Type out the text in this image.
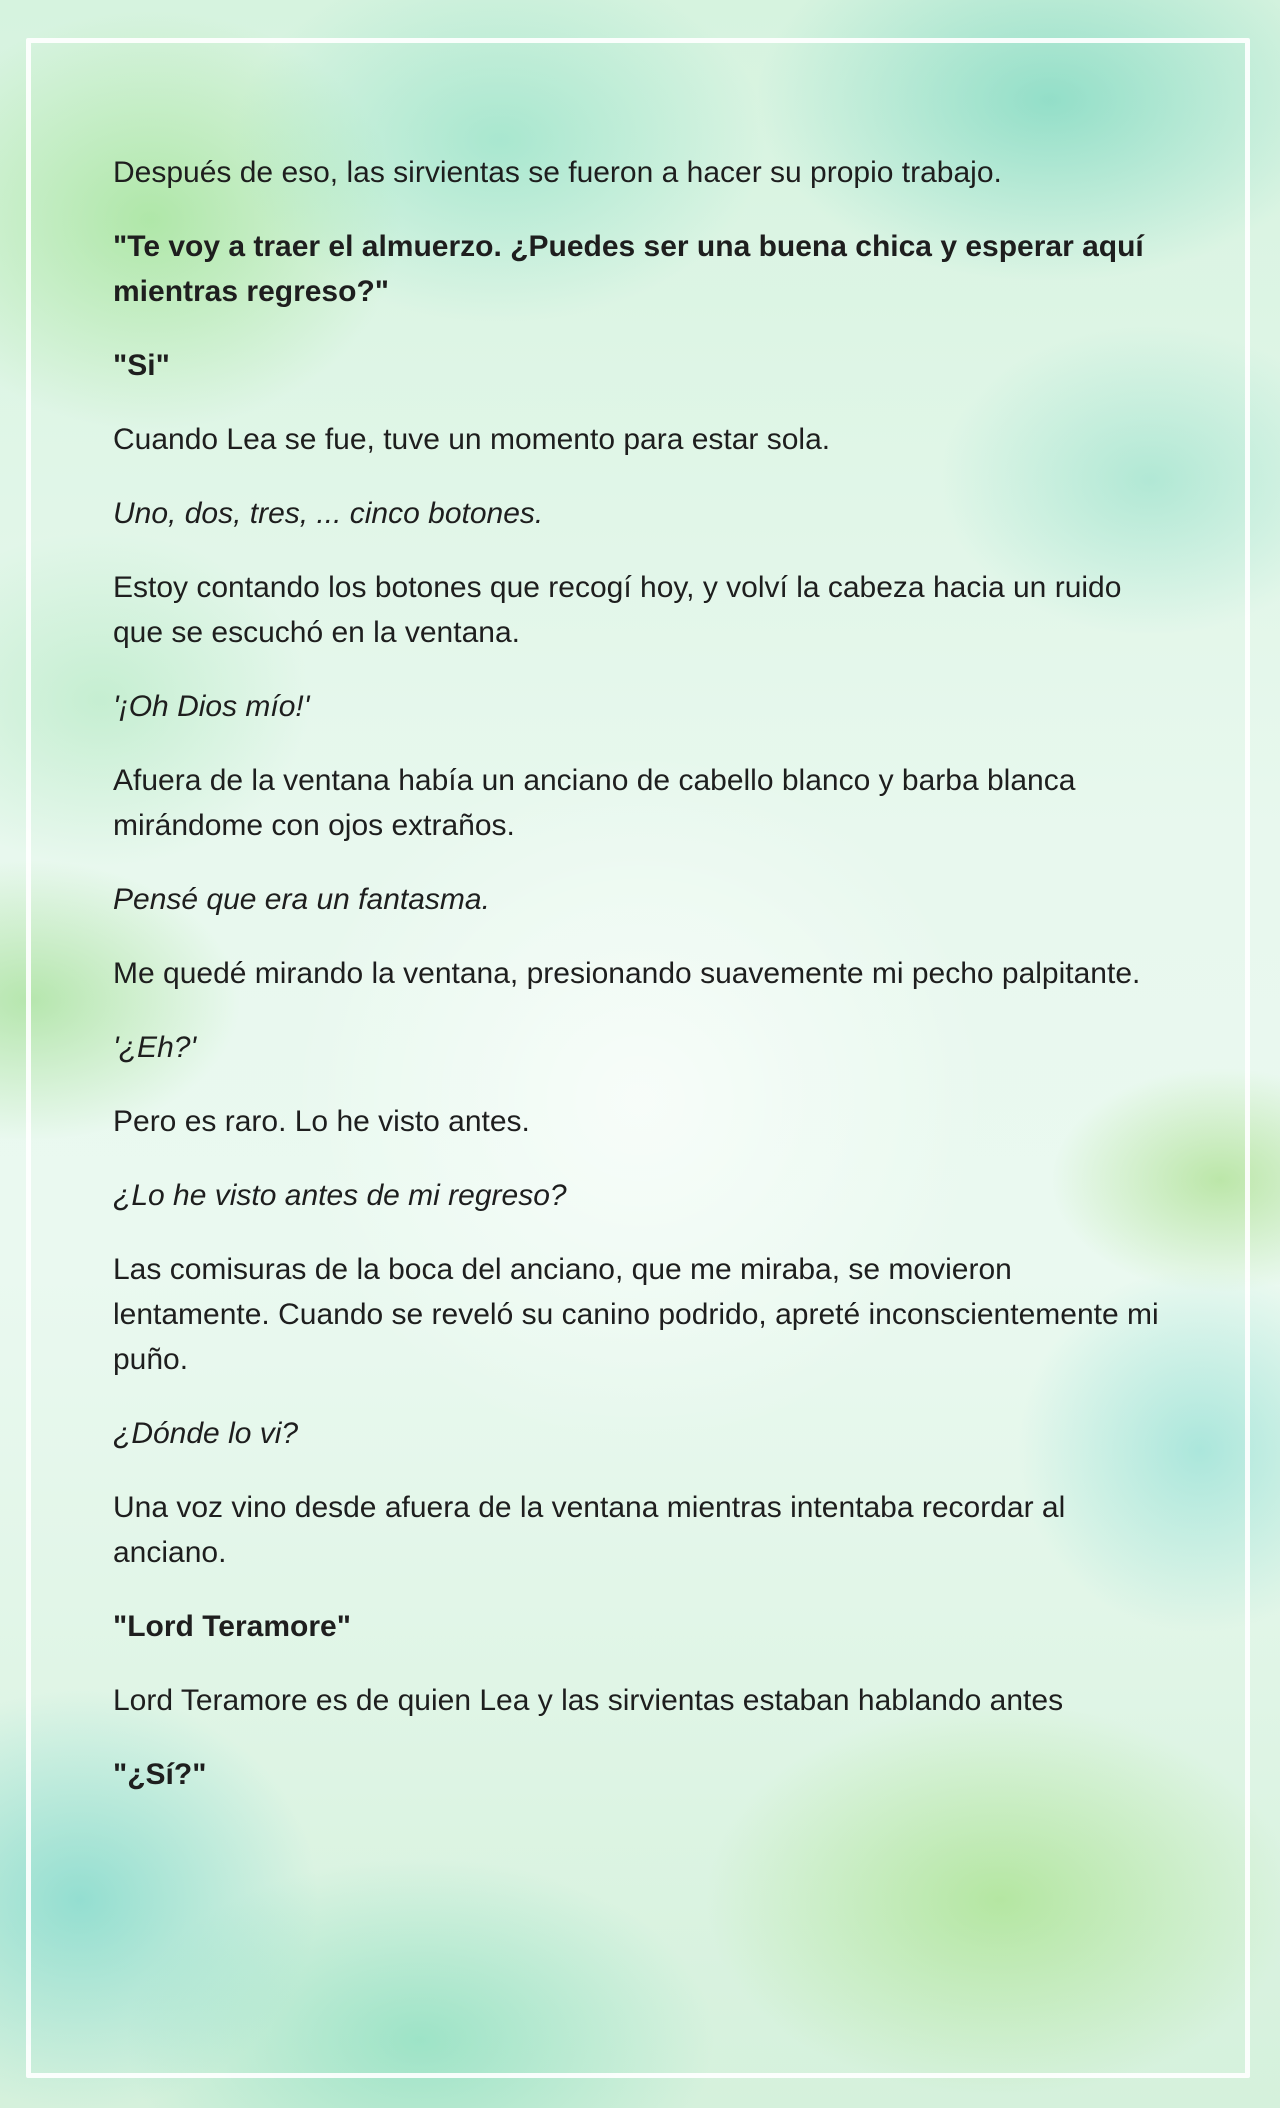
Después de eso, las sirvientas se fueron a hacer su propio trabajo.

"Te voy a traer el almuerzo. ¿Puedes ser una buena chica y esperar aquí mientras regreso?"

"Si"

Cuando Lea se fue, tuve un momento para estar sola.

Uno, dos, tres, ... cinco botones.

Estoy contando los botones que recogí hoy, y volví la cabeza hacia un ruido que se escuchó en la ventana.

'¡Oh Dios mío!'

Afuera de la ventana había un anciano de cabello blanco y barba blanca mirándome con ojos extraños.

Pensé que era un fantasma.

Me quedé mirando la ventana, presionando suavemente mi pecho palpitante.

'¿Eh?'

Pero es raro. Lo he visto antes.

¿Lo he visto antes de mi regreso?

Las comisuras de la boca del anciano, que me miraba, se movieron lentamente. Cuando se reveló su canino podrido, apreté inconscientemente mi puño.

¿Dónde lo vi?

Una voz vino desde afuera de la ventana mientras intentaba recordar al anciano.

"Lord Teramore"

Lord Teramore es de quien Lea y las sirvientas estaban hablando antes

"¿Sí?"
